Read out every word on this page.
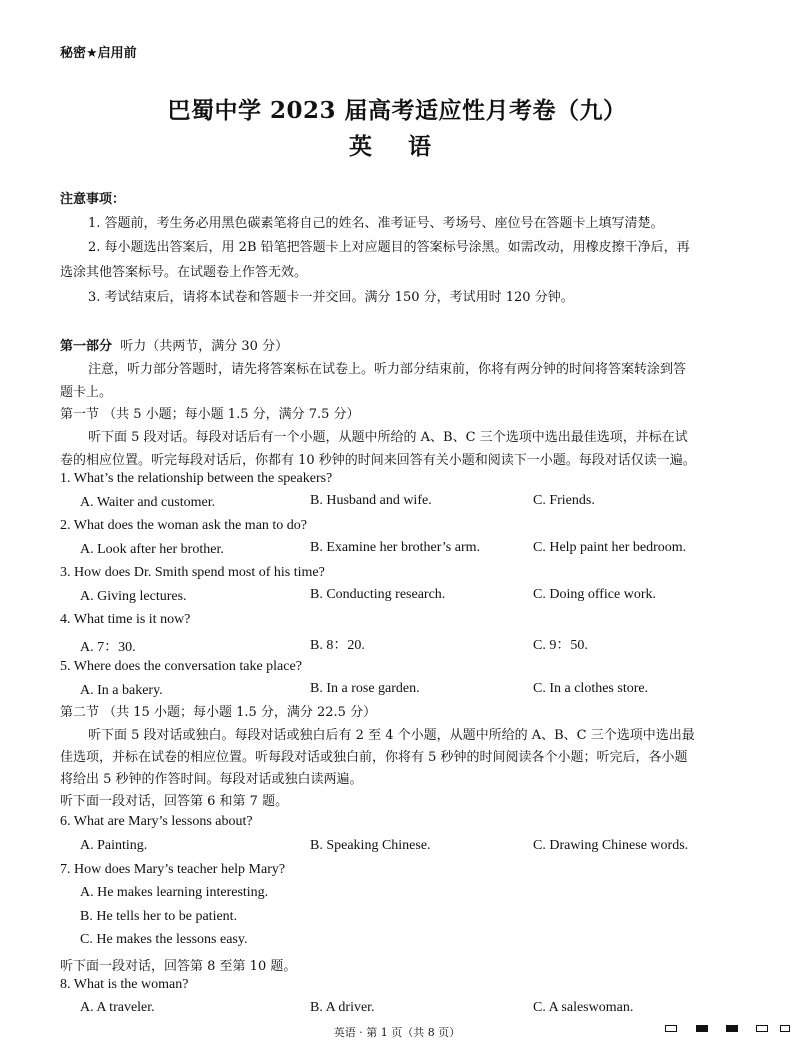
秘密★启用前
巴蜀中学 2023 届高考适应性月考卷（九）
英 语
注意事项：
1. 答题前，考生务必用黑色碳素笔将自己的姓名、准考证号、考场号、座位号在答题卡上填写清楚。
2. 每小题选出答案后，用 2B 铅笔把答题卡上对应题目的答案标号涂黑。如需改动，用橡皮擦干净后，再
选涂其他答案标号。在试题卷上作答无效。
3. 考试结束后，请将本试卷和答题卡一并交回。满分 150 分，考试用时 120 分钟。
第一部分 听力（共两节，满分 30 分）
注意，听力部分答题时，请先将答案标在试卷上。听力部分结束前，你将有两分钟的时间将答案转涂到答
题卡上。
第一节 （共 5 小题；每小题 1.5 分，满分 7.5 分）
听下面 5 段对话。每段对话后有一个小题，从题中所给的 A、B、C 三个选项中选出最佳选项，并标在试
卷的相应位置。听完每段对话后，你都有 10 秒钟的时间来回答有关小题和阅读下一小题。每段对话仅读一遍。
1. What’s the relationship between the speakers?
A. Waiter and customer.	B. Husband and wife.	C. Friends.
2. What does the woman ask the man to do?
A. Look after her brother.	B. Examine her brother’s arm.	C. Help paint her bedroom.
3. How does Dr. Smith spend most of his time?
A. Giving lectures.	B. Conducting research.	C. Doing office work.
4. What time is it now?
A. 7：30.	B. 8：20.	C. 9：50.
5. Where does the conversation take place?
A. In a bakery.	B. In a rose garden.	C. In a clothes store.
第二节 （共 15 小题；每小题 1.5 分，满分 22.5 分）
听下面 5 段对话或独白。每段对话或独白后有 2 至 4 个小题，从题中所给的 A、B、C 三个选项中选出最
佳选项，并标在试卷的相应位置。听每段对话或独白前，你将有 5 秒钟的时间阅读各个小题；听完后，各小题
将给出 5 秒钟的作答时间。每段对话或独白读两遍。
听下面一段对话，回答第 6 和第 7 题。
6. What are Mary’s lessons about?
A. Painting.	B. Speaking Chinese.	C. Drawing Chinese words.
7. How does Mary’s teacher help Mary?
A. He makes learning interesting.
B. He tells her to be patient.
C. He makes the lessons easy.
听下面一段对话，回答第 8 至第 10 题。
8. What is the woman?
A. A traveler.	B. A driver.	C. A saleswoman.
英语 · 第 1 页（共 8 页）
